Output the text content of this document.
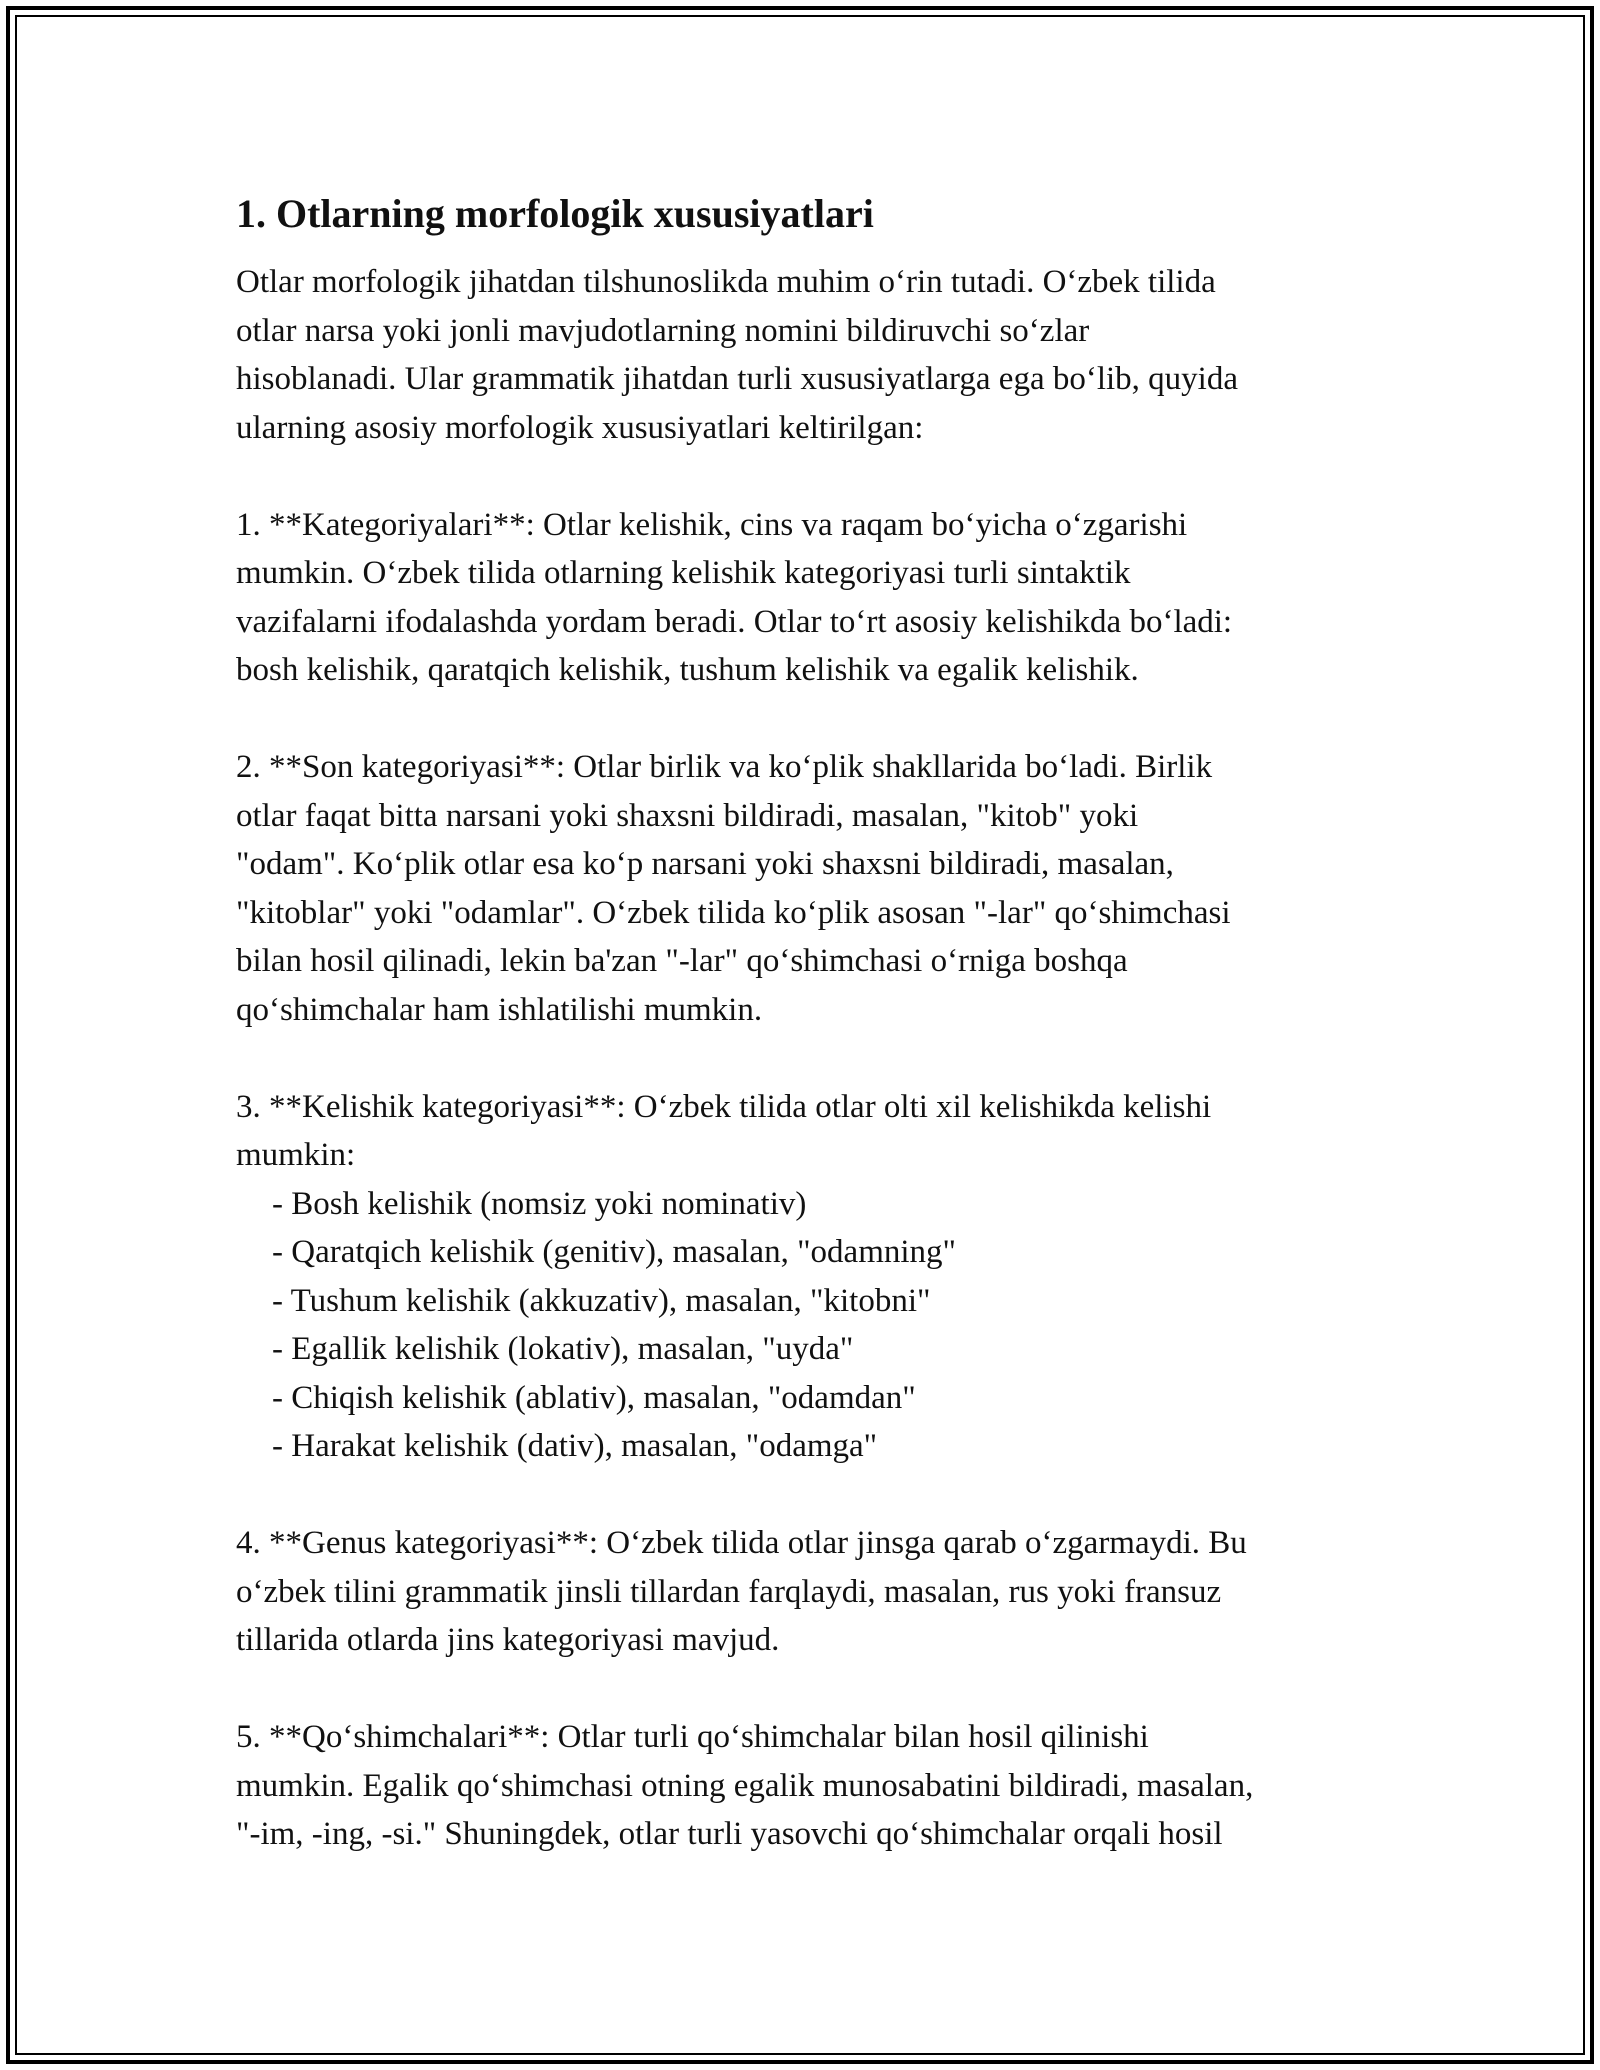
1. Otlarning morfologik xususiyatlari

Otlar morfologik jihatdan tilshunoslikda muhim o‘rin tutadi. O‘zbek tilida
otlar narsa yoki jonli mavjudotlarning nomini bildiruvchi so‘zlar
hisoblanadi. Ular grammatik jihatdan turli xususiyatlarga ega bo‘lib, quyida
ularning asosiy morfologik xususiyatlari keltirilgan:

1. **Kategoriyalari**: Otlar kelishik, cins va raqam bo‘yicha o‘zgarishi
mumkin. O‘zbek tilida otlarning kelishik kategoriyasi turli sintaktik
vazifalarni ifodalashda yordam beradi. Otlar to‘rt asosiy kelishikda bo‘ladi:
bosh kelishik, qaratqich kelishik, tushum kelishik va egalik kelishik.

2. **Son kategoriyasi**: Otlar birlik va ko‘plik shakllarida bo‘ladi. Birlik
otlar faqat bitta narsani yoki shaxsni bildiradi, masalan, "kitob" yoki
"odam". Ko‘plik otlar esa ko‘p narsani yoki shaxsni bildiradi, masalan,
"kitoblar" yoki "odamlar". O‘zbek tilida ko‘plik asosan "-lar" qo‘shimchasi
bilan hosil qilinadi, lekin ba'zan "-lar" qo‘shimchasi o‘rniga boshqa
qo‘shimchalar ham ishlatilishi mumkin.

3. **Kelishik kategoriyasi**: O‘zbek tilida otlar olti xil kelishikda kelishi
mumkin:

- Bosh kelishik (nomsiz yoki nominativ)
- Qaratqich kelishik (genitiv), masalan, "odamning"
- Tushum kelishik (akkuzativ), masalan, "kitobni"
- Egallik kelishik (lokativ), masalan, "uyda"
- Chiqish kelishik (ablativ), masalan, "odamdan"
- Harakat kelishik (dativ), masalan, "odamga"

4. **Genus kategoriyasi**: O‘zbek tilida otlar jinsga qarab o‘zgarmaydi. Bu
o‘zbek tilini grammatik jinsli tillardan farqlaydi, masalan, rus yoki fransuz
tillarida otlarda jins kategoriyasi mavjud.

5. **Qo‘shimchalari**: Otlar turli qo‘shimchalar bilan hosil qilinishi
mumkin. Egalik qo‘shimchasi otning egalik munosabatini bildiradi, masalan,
"-im, -ing, -si." Shuningdek, otlar turli yasovchi qo‘shimchalar orqali hosil
